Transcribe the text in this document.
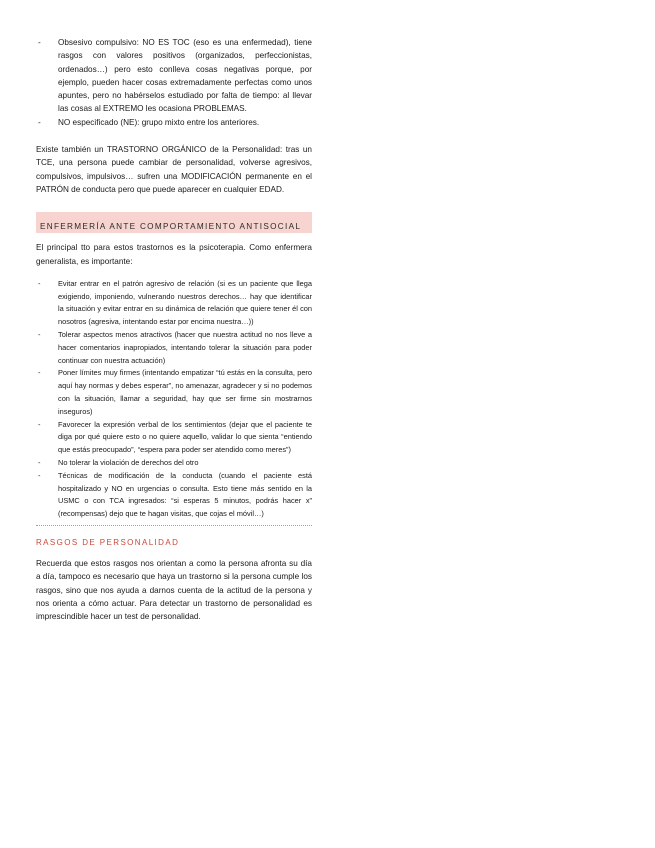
- Obsesivo compulsivo: NO ES TOC (eso es una enfermedad), tiene rasgos con valores positivos (organizados, perfeccionistas, ordenados…) pero esto conlleva cosas negativas porque, por ejemplo, pueden hacer cosas extremadamente perfectas como unos apuntes, pero no habérselos estudiado por falta de tiempo: al llevar las cosas al EXTREMO les ocasiona PROBLEMAS.
- NO especificado (NE): grupo mixto entre los anteriores.

Existe también un TRASTORNO ORGÁNICO de la Personalidad: tras un TCE, una persona puede cambiar de personalidad, volverse agresivos, compulsivos, impulsivos… sufren una MODIFICACIÓN permanente en el PATRÓN de conducta pero que puede aparecer en cualquier EDAD.

ENFERMERÍA ANTE COMPORTAMIENTO ANTISOCIAL

El principal tto para estos trastornos es la psicoterapia. Como enfermera generalista, es importante:

- Evitar entrar en el patrón agresivo de relación (si es un paciente que llega exigiendo, imponiendo, vulnerando nuestros derechos… hay que identificar la situación y evitar entrar en su dinámica de relación que quiere tener él con nosotros (agresiva, intentando estar por encima nuestra…))
- Tolerar aspectos menos atractivos (hacer que nuestra actitud no nos lleve a hacer comentarios inapropiados, intentando tolerar la situación para poder continuar con nuestra actuación)
- Poner límites muy firmes (intentando empatizar “tú estás en la consulta, pero aquí hay normas y debes esperar”, no amenazar, agradecer y si no podemos con la situación, llamar a seguridad, hay que ser firme sin mostrarnos inseguros)
- Favorecer la expresión verbal de los sentimientos (dejar que el paciente te diga por qué quiere esto o no quiere aquello, validar lo que sienta “entiendo que estás preocupado”, “espera para poder ser atendido como meres”)
- No tolerar la violación de derechos del otro
- Técnicas de modificación de la conducta (cuando el paciente está hospitalizado y NO en urgencias o consulta. Esto tiene más sentido en la USMC o con TCA ingresados: “si esperas 5 minutos, podrás hacer x” (recompensas) dejo que te hagan visitas, que cojas el móvil…)
RASGOS DE PERSONALIDAD

Recuerda que estos rasgos nos orientan a como la persona afronta su día a día, tampoco es necesario que haya un trastorno si la persona cumple los rasgos, sino que nos ayuda a darnos cuenta de la actitud de la persona y nos orienta a cómo actuar. Para detectar un trastorno de personalidad es imprescindible hacer un test de personalidad.
